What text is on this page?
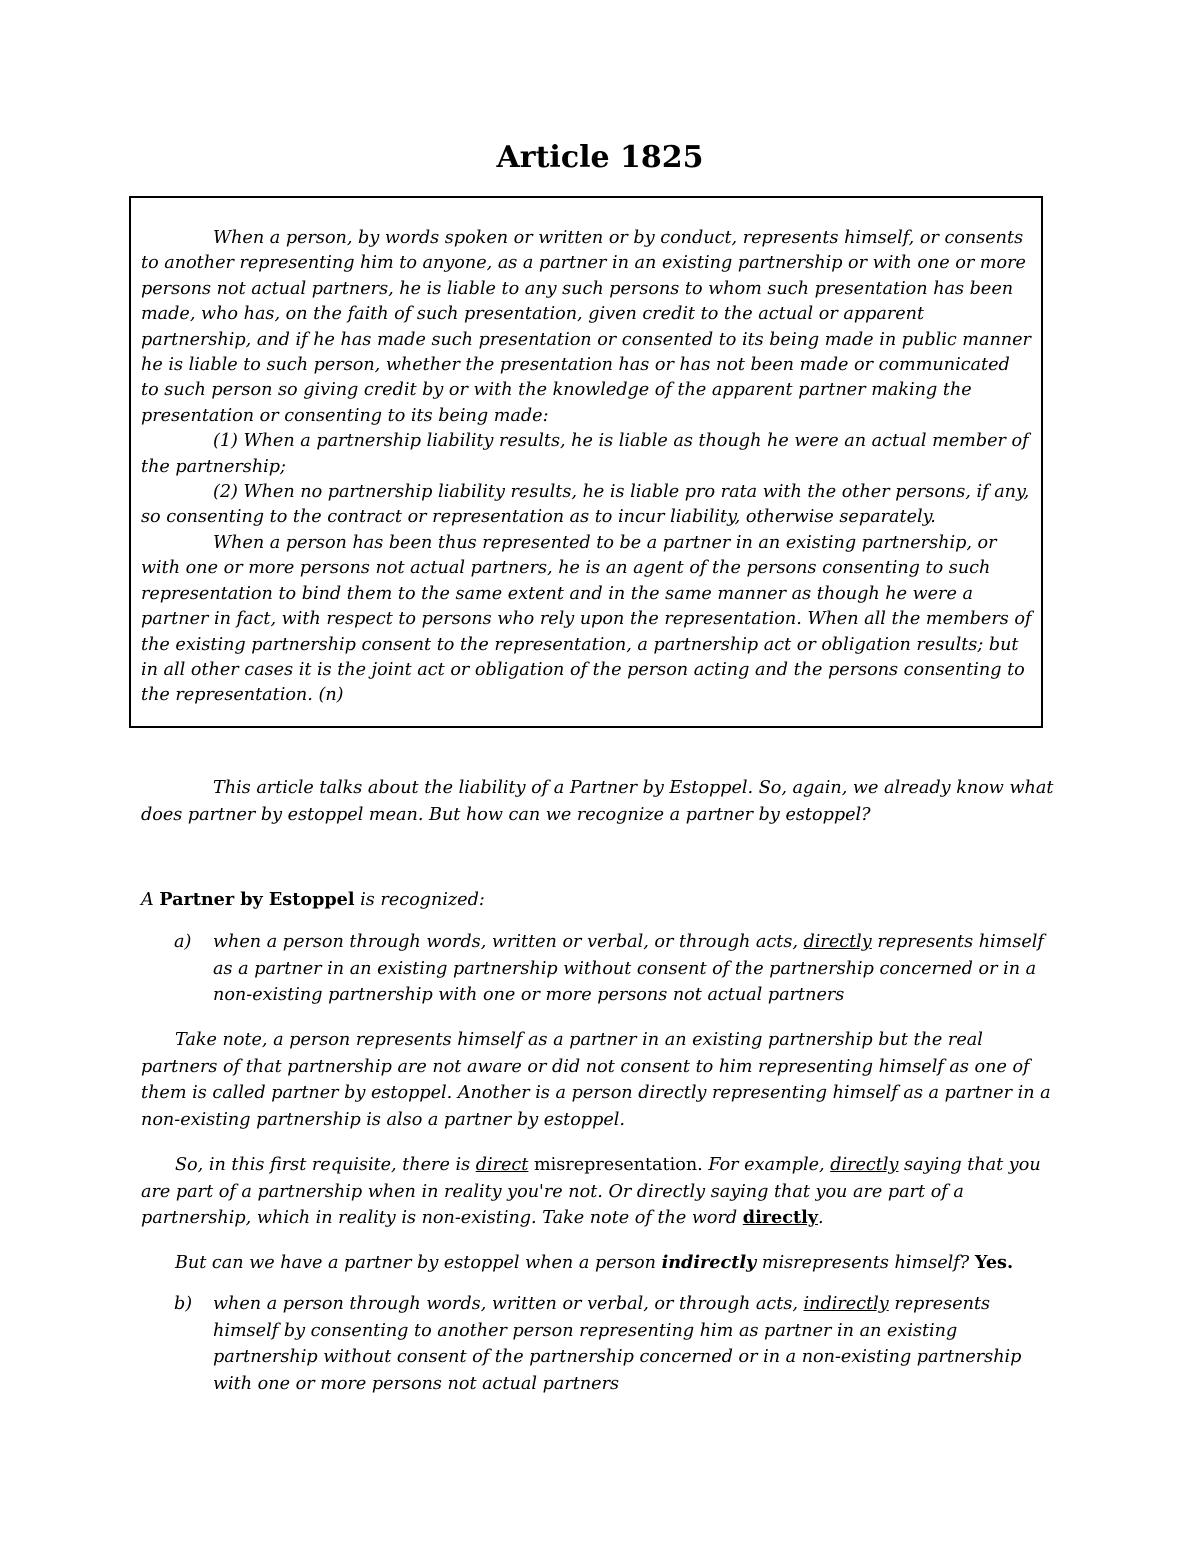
Article 1825

When a person, by words spoken or written or by conduct, represents himself, or consents to another representing him to anyone, as a partner in an existing partnership or with one or more persons not actual partners, he is liable to any such persons to whom such presentation has been made, who has, on the faith of such presentation, given credit to the actual or apparent partnership, and if he has made such presentation or consented to its being made in public manner he is liable to such person, whether the presentation has or has not been made or communicated to such person so giving credit by or with the knowledge of the apparent partner making the presentation or consenting to its being made:

(1) When a partnership liability results, he is liable as though he were an actual member of the partnership;

(2) When no partnership liability results, he is liable pro rata with the other persons, if any, so consenting to the contract or representation as to incur liability, otherwise separately.

When a person has been thus represented to be a partner in an existing partnership, or with one or more persons not actual partners, he is an agent of the persons consenting to such representation to bind them to the same extent and in the same manner as though he were a partner in fact, with respect to persons who rely upon the representation. When all the members of the existing partnership consent to the representation, a partnership act or obligation results; but in all other cases it is the joint act or obligation of the person acting and the persons consenting to the representation. (n)

This article talks about the liability of a Partner by Estoppel. So, again, we already know what does partner by estoppel mean. But how can we recognize a partner by estoppel?

A Partner by Estoppel is recognized:

a) when a person through words, written or verbal, or through acts, directly represents himself as a partner in an existing partnership without consent of the partnership concerned or in a non-existing partnership with one or more persons not actual partners

Take note, a person represents himself as a partner in an existing partnership but the real partners of that partnership are not aware or did not consent to him representing himself as one of them is called partner by estoppel. Another is a person directly representing himself as a partner in a non-existing partnership is also a partner by estoppel.

So, in this first requisite, there is direct misrepresentation. For example, directly saying that you are part of a partnership when in reality you're not. Or directly saying that you are part of a partnership, which in reality is non-existing. Take note of the word directly.

But can we have a partner by estoppel when a person indirectly misrepresents himself? Yes.

b) when a person through words, written or verbal, or through acts, indirectly represents himself by consenting to another person representing him as partner in an existing partnership without consent of the partnership concerned or in a non-existing partnership with one or more persons not actual partners
